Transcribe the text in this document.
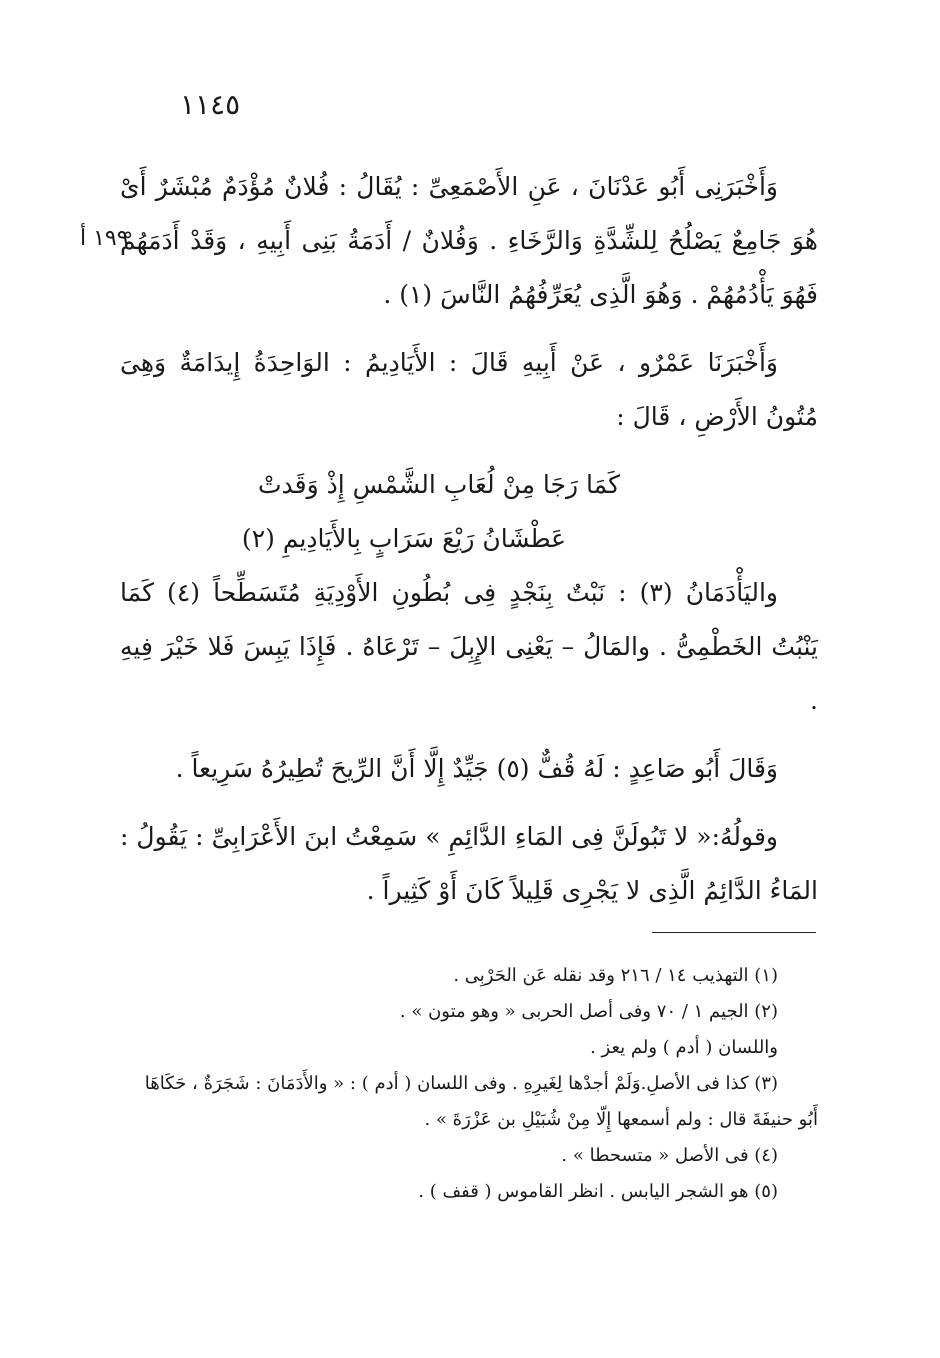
١١٤٥
١٩٩ أ

وَأَخْبَرَنِى أَبُو عَدْنَانَ ، عَنِ الأَصْمَعِىِّ : يُقَالُ : فُلانٌ مُؤْدَمٌ مُبْشَرٌ أَىْ هُوَ جَامِعٌ يَصْلُحُ لِلشِّدَّةِ وَالرَّخَاءِ . وَفُلانٌ / أَدَمَةُ بَنِى أَبِيهِ ، وَقَدْ أَدَمَهُمْ فَهُوَ يَأْدُمُهُمْ . وَهُوَ الَّذِى يُعَرِّفُهُمُ النَّاسَ (١) .

وَأَخْبَرَنَا عَمْرٌو ، عَنْ أَبِيهِ قَالَ : الأَيَادِيمُ : الوَاحِدَةُ إِيدَامَةٌ وَهِىَ مُتُونُ الأَرْضِ ، قَالَ :

كَمَا رَجَا مِنْ لُعَابِ الشَّمْسِ إِذْ وَقَدتْ

عَطْشَانُ رَيْعَ سَرَابٍ بِالأَيَادِيمِ (٢)

واليَأْدَمَانُ (٣) : نَبْتٌ بِنَجْدٍ فِى بُطُونِ الأَوْدِيَةِ مُتَسَطِّحاً (٤) كَمَا يَنْبُتُ الخَطْمِىُّ . والمَالُ – يَعْنِى الإِبِلَ – تَرْعَاهُ . فَإِذَا يَبِسَ فَلا خَيْرَ فِيهِ .

وَقَالَ أَبُو صَاعِدٍ : لَهُ قُفٌّ (٥) جَيِّدٌ إِلَّا أَنَّ الرِّيحَ تُطِيرُهُ سَرِيعاً .

وقولُهُ:« لا تَبُولَنَّ فِى المَاءِ الدَّائِمِ » سَمِعْتُ ابنَ الأَعْرَابِىِّ : يَقُولُ : المَاءُ الدَّائِمُ الَّذِى لا يَجْرِى قَلِيلاً كَانَ أَوْ كَثِيراً .

(١) التهذيب ١٤ / ٢١٦ وقد نقله عَن الحَرْبِى .

(٢) الجيم ١ / ٧٠ وفى أصل الحربى « وهو متون » .

واللسان ( أدم ) ولم يعز .

(٣) كذا فى الأصلِ.وَلَمْ أجدْها لِغَيرِهِ . وفى اللسان ( أدم ) : « والأَدَمَانَ : شَجَرَةٌ ، حَكَاهَا أَبُو حنيفَةَ قال : ولم أسمعها إِلّا مِنْ شُبَيْلِ بن عَزْرَةَ » .

(٤) فى الأصل « متسحطا » .

(٥) هو الشجر اليابس . انظر القاموس ( قفف ) .
